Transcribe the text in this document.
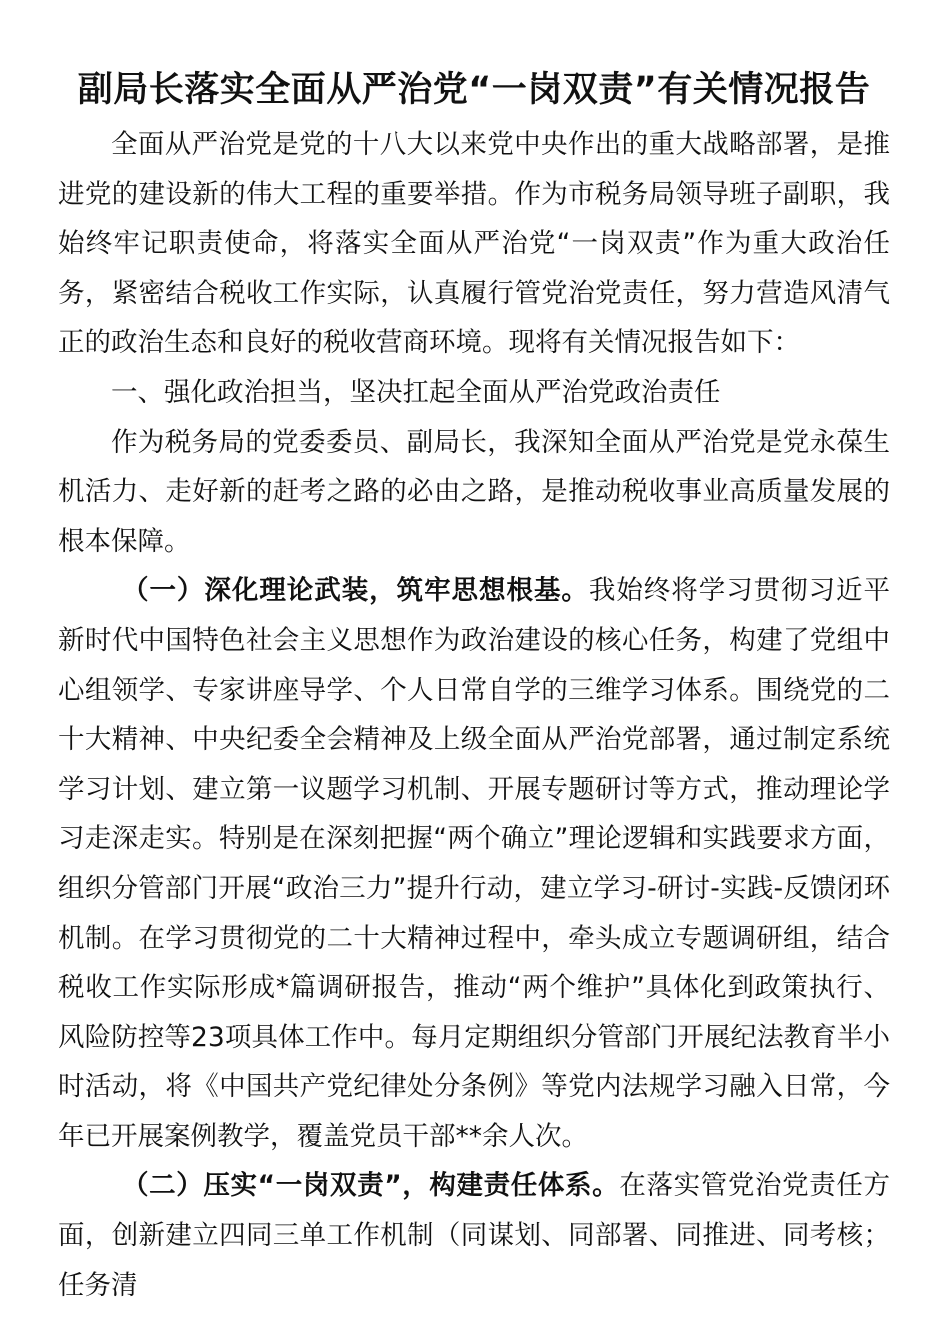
副局长落实全面从严治党“一岗双责”有关情况报告

全面从严治党是党的十八大以来党中央作出的重大战略部署，是推进党的建设新的伟大工程的重要举措。作为市税务局领导班子副职，我始终牢记职责使命，将落实全面从严治党“一岗双责”作为重大政治任务，紧密结合税收工作实际，认真履行管党治党责任，努力营造风清气正的政治生态和良好的税收营商环境。现将有关情况报告如下：

一、强化政治担当，坚决扛起全面从严治党政治责任

作为税务局的党委委员、副局长，我深知全面从严治党是党永葆生机活力、走好新的赶考之路的必由之路，是推动税收事业高质量发展的根本保障。

（一）深化理论武装，筑牢思想根基。我始终将学习贯彻习近平新时代中国特色社会主义思想作为政治建设的核心任务，构建了党组中心组领学、专家讲座导学、个人日常自学的三维学习体系。围绕党的二十大精神、中央纪委全会精神及上级全面从严治党部署，通过制定系统学习计划、建立第一议题学习机制、开展专题研讨等方式，推动理论学习走深走实。特别是在深刻把握“两个确立”理论逻辑和实践要求方面，组织分管部门开展“政治三力”提升行动，建立学习-研讨-实践-反馈闭环机制。在学习贯彻党的二十大精神过程中，牵头成立专题调研组，结合税收工作实际形成*篇调研报告，推动“两个维护”具体化到政策执行、风险防控等23项具体工作中。每月定期组织分管部门开展纪法教育半小时活动，将《中国共产党纪律处分条例》等党内法规学习融入日常，今年已开展案例教学，覆盖党员干部**余人次。

（二）压实“一岗双责”，构建责任体系。在落实管党治党责任方面，创新建立四同三单工作机制（同谋划、同部署、同推进、同考核；任务清
